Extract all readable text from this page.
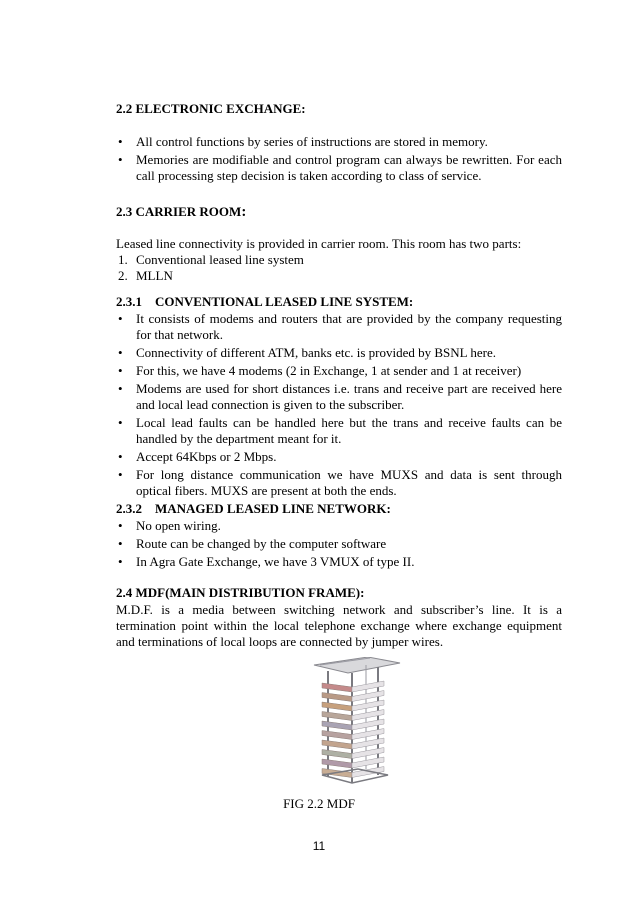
2.2 ELECTRONIC EXCHANGE:
• All control functions by series of instructions are stored in memory.
• Memories are modifiable and control program can always be rewritten. For each call processing step decision is taken according to class of service.
2.3 CARRIER ROOM:
Leased line connectivity is provided in carrier room. This room has two parts:
1. Conventional leased line system
2. MLLN
2.3.1    CONVENTIONAL LEASED LINE SYSTEM:
• It consists of modems and routers that are provided by the company requesting for that network.
• Connectivity of different ATM, banks etc. is provided by BSNL here.
• For this, we have 4 modems (2 in Exchange, 1 at sender and 1 at receiver)
• Modems are used for short distances i.e. trans and receive part are received here and local lead connection is given to the subscriber.
• Local lead faults can be handled here but the trans and receive faults can be handled by the department meant for it.
• Accept 64Kbps or 2 Mbps.
• For long distance communication we have MUXS and data is sent through optical fibers. MUXS are present at both the ends.
2.3.2    MANAGED LEASED LINE NETWORK:
• No open wiring.
• Route can be changed by the computer software
• In Agra Gate Exchange, we have 3 VMUX of type II.
2.4 MDF(MAIN DISTRIBUTION FRAME):
M.D.F. is a media between switching network and subscriber’s line. It is a termination point within the local telephone exchange where exchange equipment and terminations of local loops are connected by jumper wires.
FIG 2.2 MDF
11
